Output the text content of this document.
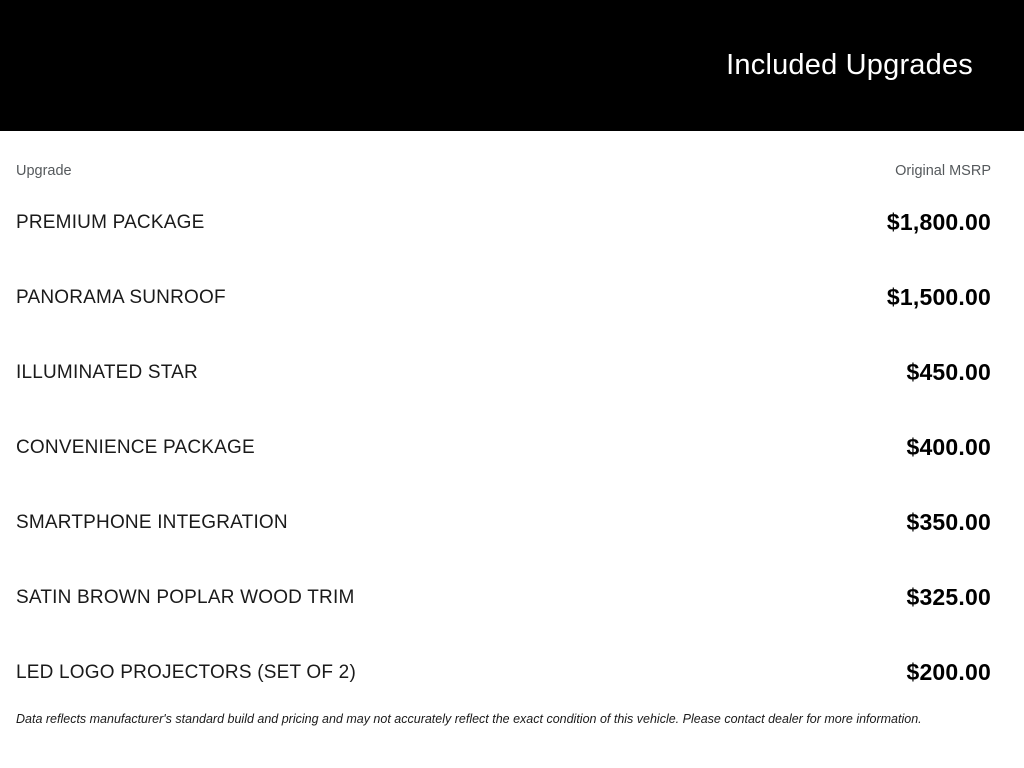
Included Upgrades
Upgrade	Original MSRP
PREMIUM PACKAGE	$1,800.00
PANORAMA SUNROOF	$1,500.00
ILLUMINATED STAR	$450.00
CONVENIENCE PACKAGE	$400.00
SMARTPHONE INTEGRATION	$350.00
SATIN BROWN POPLAR WOOD TRIM	$325.00
LED LOGO PROJECTORS (SET OF 2)	$200.00
Data reflects manufacturer's standard build and pricing and may not accurately reflect the exact condition of this vehicle. Please contact dealer for more information.
